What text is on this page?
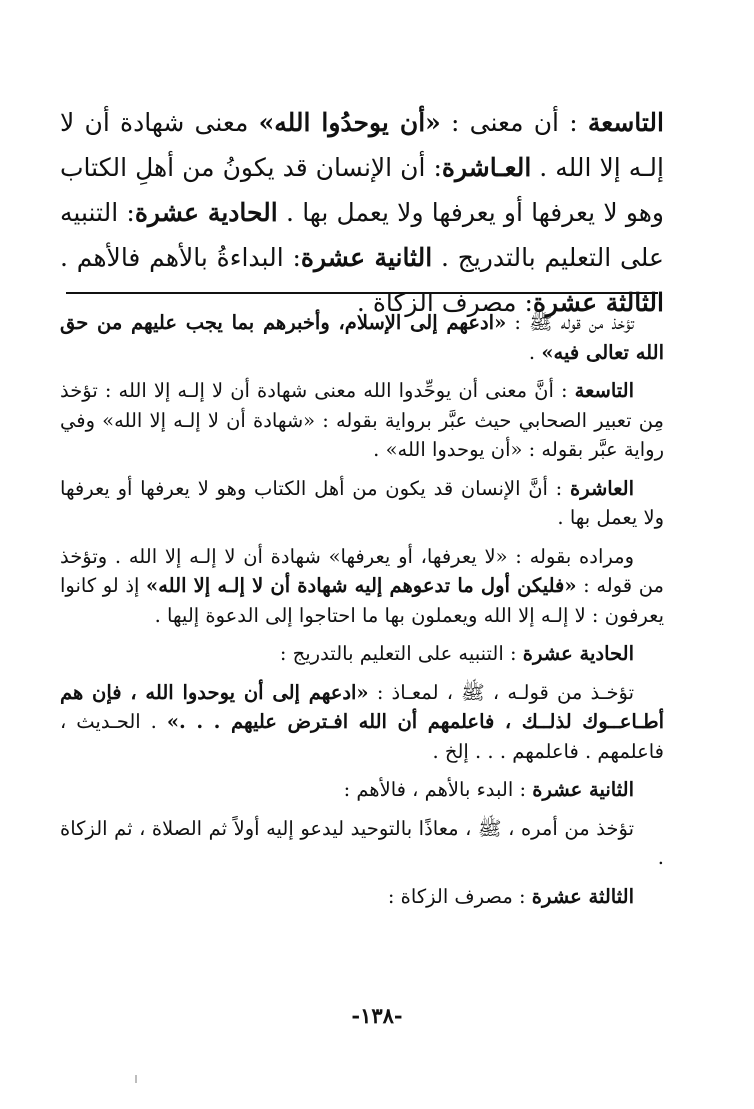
التاسعة : أن معنى : «أن يوحدُوا الله» معنى شهادة أن لا إلـه إلا الله . العـاشرة: أن الإنسان قد يكونُ من أهلِ الكتاب وهو لا يعرفها أو يعرفها ولا يعمل بها . الحادية عشرة: التنبيه على التعليم بالتدريج . الثانية عشرة: البداءةُ بالأهم فالأهم . الثالثة عشرة: مصرف الزكاة .

تؤخذ من قوله ﷺ : «ادعهم إلى الإسلام، وأخبرهم بما يجب عليهم من حق الله تعالى فيه» .

التاسعة : أنَّ معنى أن يوحِّدوا الله معنى شهادة أن لا إلـه إلا الله : تؤخذ مِن تعبير الصحابي حيث عبَّر برواية بقوله : «شهادة أن لا إلـه إلا الله» وفي رواية عبَّر بقوله : «أن يوحدوا الله» .

العاشرة : أنَّ الإنسان قد يكون من أهل الكتاب وهو لا يعرفها أو يعرفها ولا يعمل بها .

ومراده بقوله : «لا يعرفها، أو يعرفها» شهادة أن لا إلـه إلا الله . وتؤخذ من قوله : «فليكن أول ما تدعوهم إليه شهادة أن لا إلـه إلا الله» إذ لو كانوا يعرفون : لا إلـه إلا الله ويعملون بها ما احتاجوا إلى الدعوة إليها .

الحادية عشرة : التنبيه على التعليم بالتدريج :

تؤخـذ من قولـه ، ﷺ ، لمعـاذ : «ادعهم إلى أن يوحدوا الله ، فإن هم أطـاعــوك لذلــك ، فاعلمهم أن الله افـترض عليهم . . .» . الحـديث ، فاعلمهم . فاعلمهم . . . إلخ .

الثانية عشرة : البدء بالأهم ، فالأهم :

تؤخذ من أمره ، ﷺ ، معاذًا بالتوحيد ليدعو إليه أولاً ثم الصلاة ، ثم الزكاة .

الثالثة عشرة : مصرف الزكاة :

-١٣٨-
